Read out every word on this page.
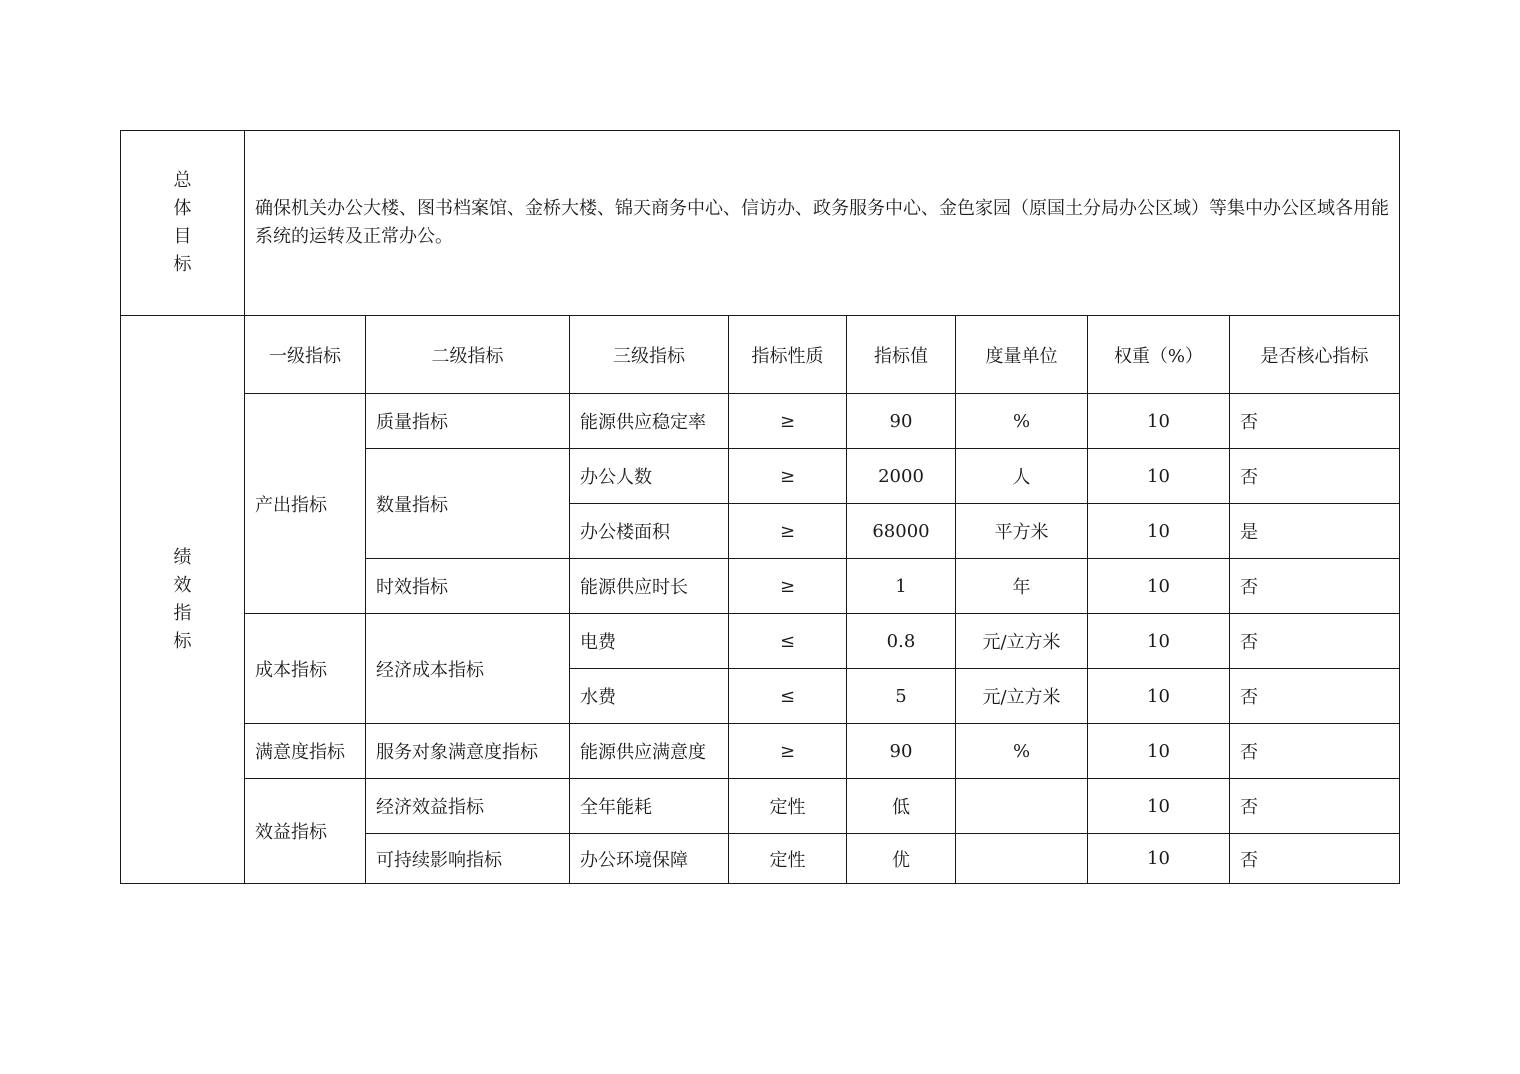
总
体
目
标	确保机关办公大楼、图书档案馆、金桥大楼、锦天商务中心、信访办、政务服务中心、金色家园（原国土分局办公区域）等集中办公区域各用能系统的运转及正常办公。							

绩
效
指
标	一级指标	二级指标	三级指标	指标性质	指标值	度量单位	权重（%）	是否核心指标
	产出指标	质量指标	能源供应稳定率	≥	90	%	10	否
		数量指标	办公人数	≥	2000	人	10	否
			办公楼面积	≥	68000	平方米	10	是
		时效指标	能源供应时长	≥	1	年	10	否
	成本指标	经济成本指标	电费	≤	0.8	元/立方米	10	否
			水费	≤	5	元/立方米	10	否
	满意度指标	服务对象满意度指标	能源供应满意度	≥	90	%	10	否
	效益指标	经济效益指标	全年能耗	定性	低		10	否
		可持续影响指标	办公环境保障	定性	优		10	否
